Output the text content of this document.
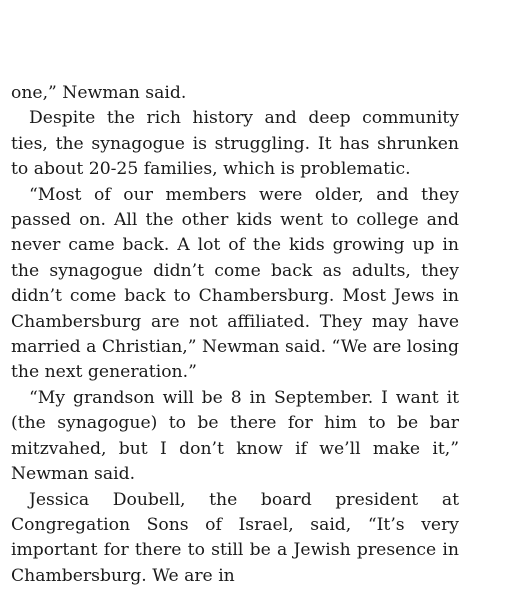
one,” Newman said.

Despite the rich history and deep community ties, the synagogue is struggling. It has shrunken to about 20-25 families, which is problematic.

“Most of our members were older, and they passed on. All the other kids went to college and never came back. A lot of the kids growing up in the synagogue didn’t come back as adults, they didn’t come back to Chambersburg. Most Jews in Chambersburg are not affiliated. They may have married a Christian,” Newman said. “We are losing the next generation.”

“My grandson will be 8 in September. I want it (the synagogue) to be there for him to be bar mitzvahed, but I don’t know if we’ll make it,” Newman said.

Jessica Doubell, the board president at Congregation Sons of Israel, said, “It’s very important for there to still be a Jewish presence in Chambersburg. We are in
